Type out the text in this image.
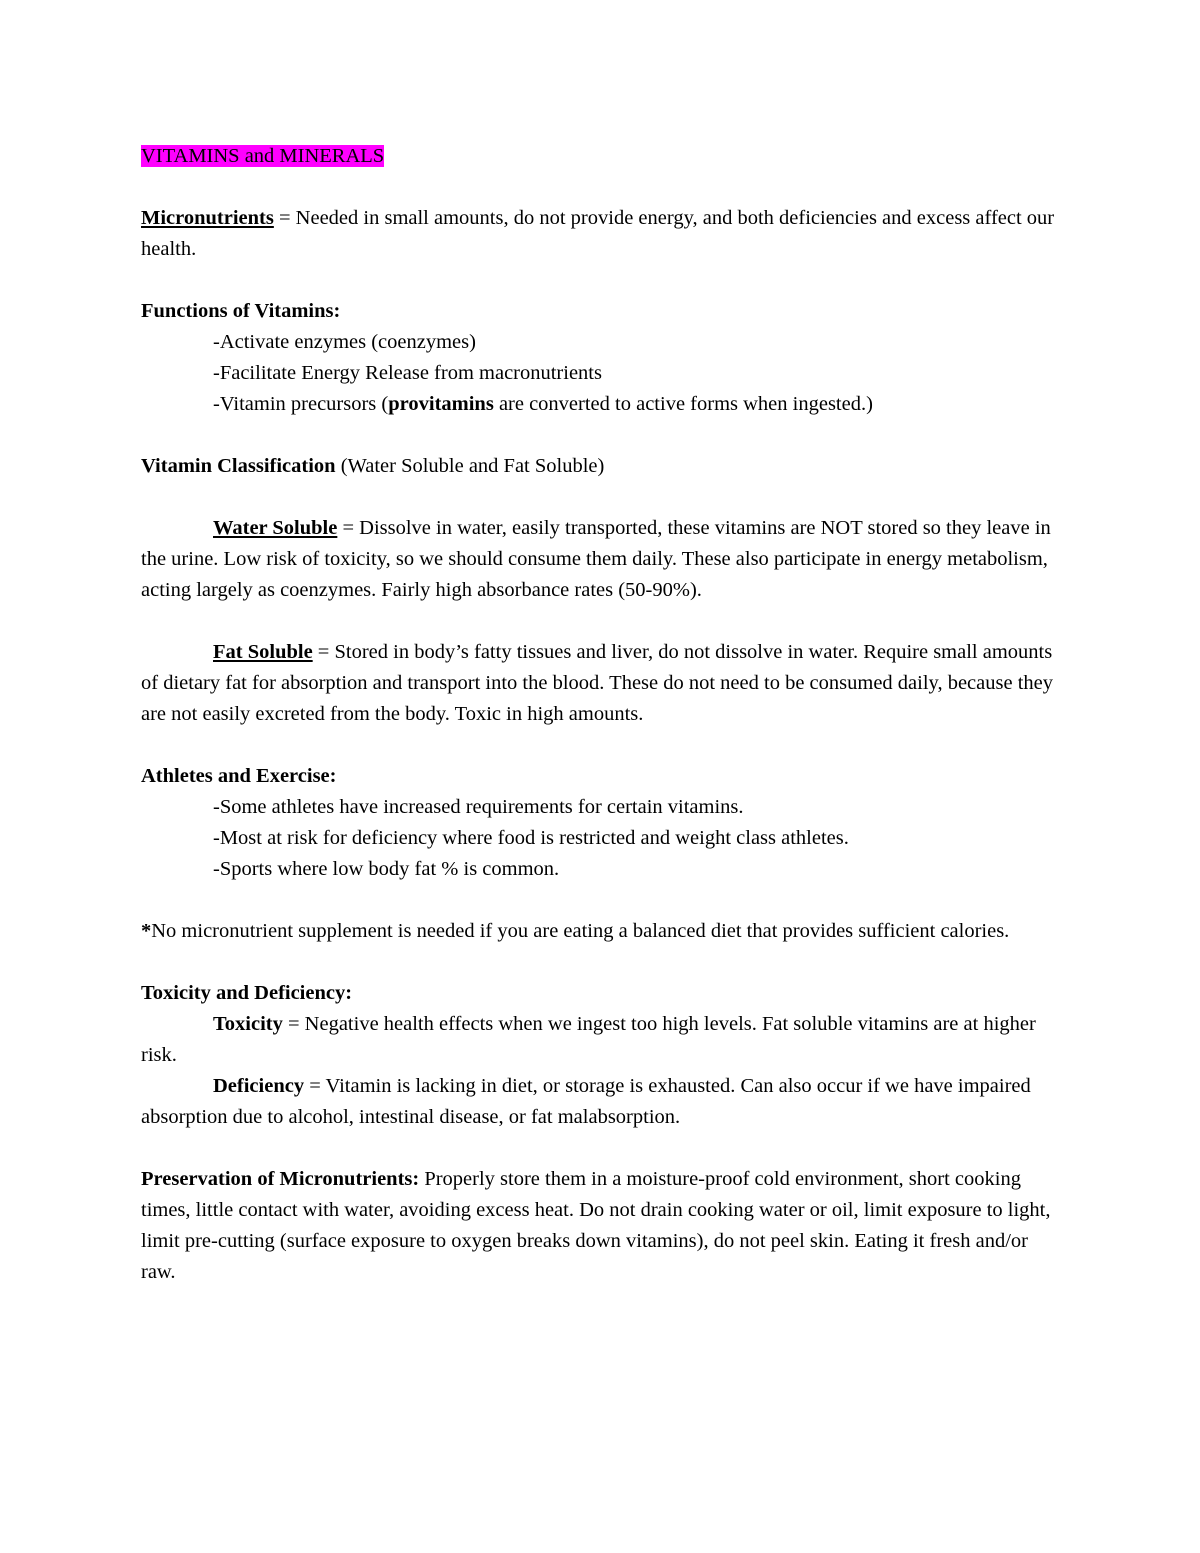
VITAMINS and MINERALS

Micronutrients = Needed in small amounts, do not provide energy, and both deficiencies and excess affect our health.

Functions of Vitamins:

-Activate enzymes (coenzymes)

-Facilitate Energy Release from macronutrients

-Vitamin precursors (provitamins are converted to active forms when ingested.)

Vitamin Classification (Water Soluble and Fat Soluble)

Water Soluble = Dissolve in water, easily transported, these vitamins are NOT stored so they leave in the urine. Low risk of toxicity, so we should consume them daily. These also participate in energy metabolism, acting largely as coenzymes. Fairly high absorbance rates (50-90%).

Fat Soluble = Stored in body’s fatty tissues and liver, do not dissolve in water. Require small amounts of dietary fat for absorption and transport into the blood. These do not need to be consumed daily, because they are not easily excreted from the body. Toxic in high amounts.

Athletes and Exercise:

-Some athletes have increased requirements for certain vitamins.

-Most at risk for deficiency where food is restricted and weight class athletes.

-Sports where low body fat % is common.

*No micronutrient supplement is needed if you are eating a balanced diet that provides sufficient calories.

Toxicity and Deficiency:

Toxicity = Negative health effects when we ingest too high levels. Fat soluble vitamins are at higher risk.

Deficiency = Vitamin is lacking in diet, or storage is exhausted. Can also occur if we have impaired absorption due to alcohol, intestinal disease, or fat malabsorption.

Preservation of Micronutrients: Properly store them in a moisture-proof cold environment, short cooking times, little contact with water, avoiding excess heat. Do not drain cooking water or oil, limit exposure to light, limit pre-cutting (surface exposure to oxygen breaks down vitamins), do not peel skin. Eating it fresh and/or raw.
